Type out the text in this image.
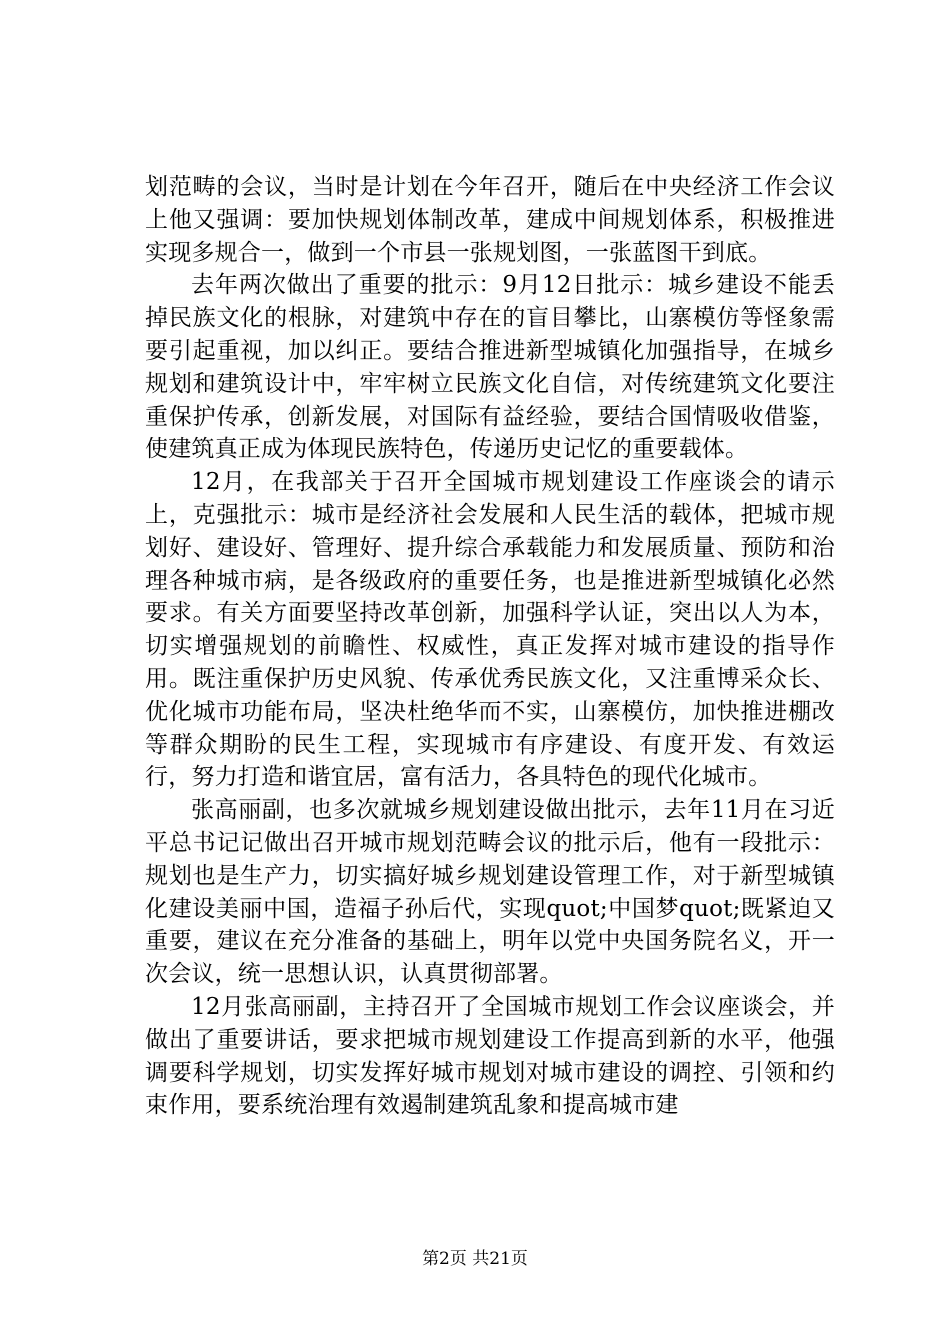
划范畴的会议，当时是计划在今年召开，随后在中央经济工作会议上他又强调：要加快规划体制改革，建成中间规划体系，积极推进实现多规合一，做到一个市县一张规划图，一张蓝图干到底。

去年两次做出了重要的批示：9月12日批示：城乡建设不能丢掉民族文化的根脉，对建筑中存在的盲目攀比，山寨模仿等怪象需要引起重视，加以纠正。要结合推进新型城镇化加强指导，在城乡规划和建筑设计中，牢牢树立民族文化自信，对传统建筑文化要注重保护传承，创新发展，对国际有益经验，要结合国情吸收借鉴，使建筑真正成为体现民族特色，传递历史记忆的重要载体。

12月，在我部关于召开全国城市规划建设工作座谈会的请示上，克强批示：城市是经济社会发展和人民生活的载体，把城市规划好、建设好、管理好、提升综合承载能力和发展质量、预防和治理各种城市病，是各级政府的重要任务，也是推进新型城镇化必然要求。有关方面要坚持改革创新，加强科学认证，突出以人为本，切实增强规划的前瞻性、权威性，真正发挥对城市建设的指导作用。既注重保护历史风貌、传承优秀民族文化，又注重博采众长、优化城市功能布局，坚决杜绝华而不实，山寨模仿，加快推进棚改等群众期盼的民生工程，实现城市有序建设、有度开发、有效运行，努力打造和谐宜居，富有活力，各具特色的现代化城市。

张高丽副，也多次就城乡规划建设做出批示，去年11月在习近平总书记记做出召开城市规划范畴会议的批示后，他有一段批示：规划也是生产力，切实搞好城乡规划建设管理工作，对于新型城镇化建设美丽中国，造福子孙后代，实现quot;中国梦quot;既紧迫又重要，建议在充分准备的基础上，明年以党中央国务院名义，开一次会议，统一思想认识，认真贯彻部署。

12月张高丽副，主持召开了全国城市规划工作会议座谈会，并做出了重要讲话，要求把城市规划建设工作提高到新的水平，他强调要科学规划，切实发挥好城市规划对城市建设的调控、引领和约束作用，要系统治理有效遏制建筑乱象和提高城市建

第2页 共21页
